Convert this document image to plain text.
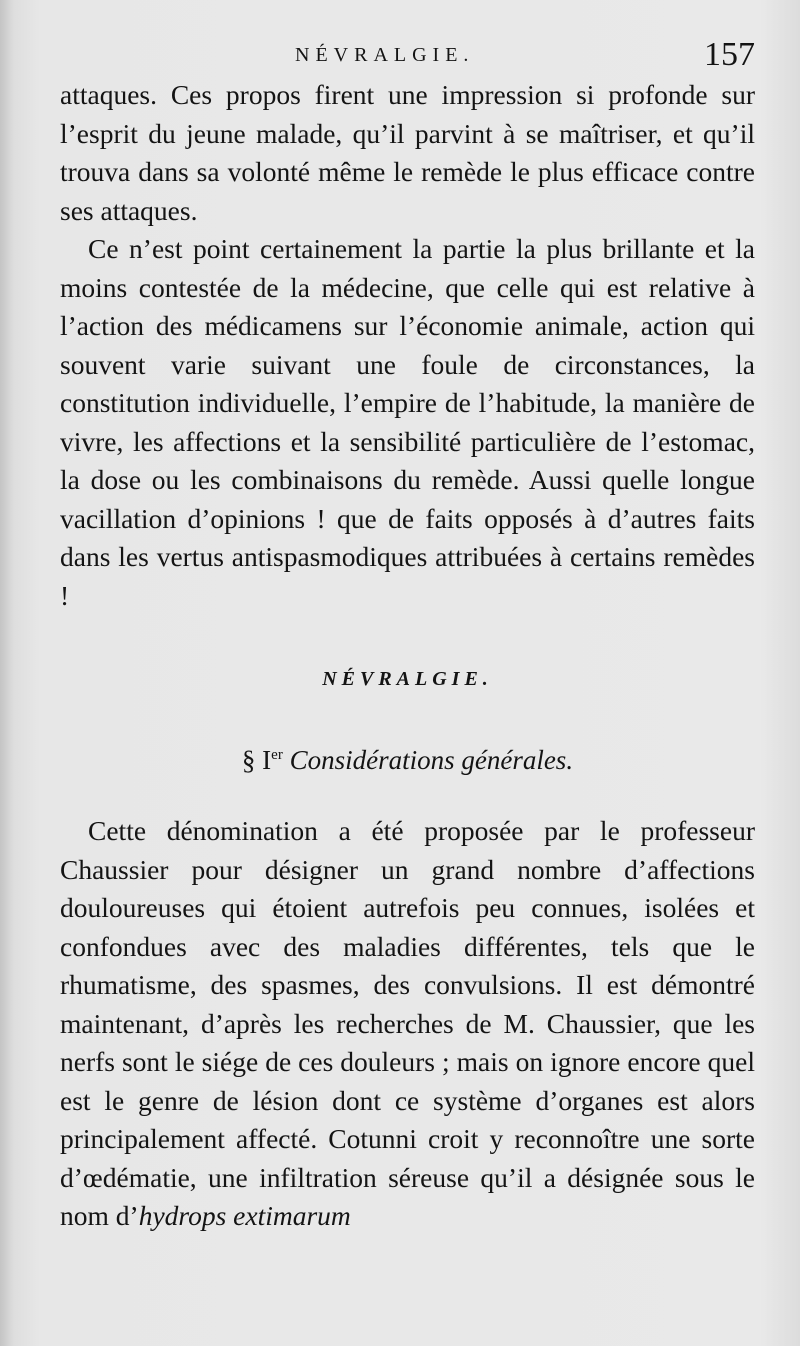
NÉVRALGIE.	157

attaques. Ces propos firent une impression si profonde sur l’esprit du jeune malade, qu’il parvint à se maîtriser, et qu’il trouva dans sa volonté même le remède le plus efficace contre ses attaques.

Ce n’est point certainement la partie la plus brillante et la moins contestée de la médecine, que celle qui est relative à l’action des médicamens sur l’économie animale, action qui souvent varie suivant une foule de circonstances, la constitution individuelle, l’empire de l’habitude, la manière de vivre, les affections et la sensibilité particulière de l’estomac, la dose ou les combinaisons du remède. Aussi quelle longue vacillation d’opinions ! que de faits opposés à d’autres faits dans les vertus antispasmodiques attribuées à certains remèdes !

NÉVRALGIE.
§ Ier Considérations générales.

Cette dénomination a été proposée par le professeur Chaussier pour désigner un grand nombre d’affections douloureuses qui étoient autrefois peu connues, isolées et confondues avec des maladies différentes, tels que le rhumatisme, des spasmes, des convulsions. Il est démontré maintenant, d’après les recherches de M. Chaussier, que les nerfs sont le siége de ces douleurs ; mais on ignore encore quel est le genre de lésion dont ce système d’organes est alors principalement affecté. Cotunni croit y reconnoître une sorte d’œdématie, une infiltration séreuse qu’il a désignée sous le nom d’hydrops extimarum
